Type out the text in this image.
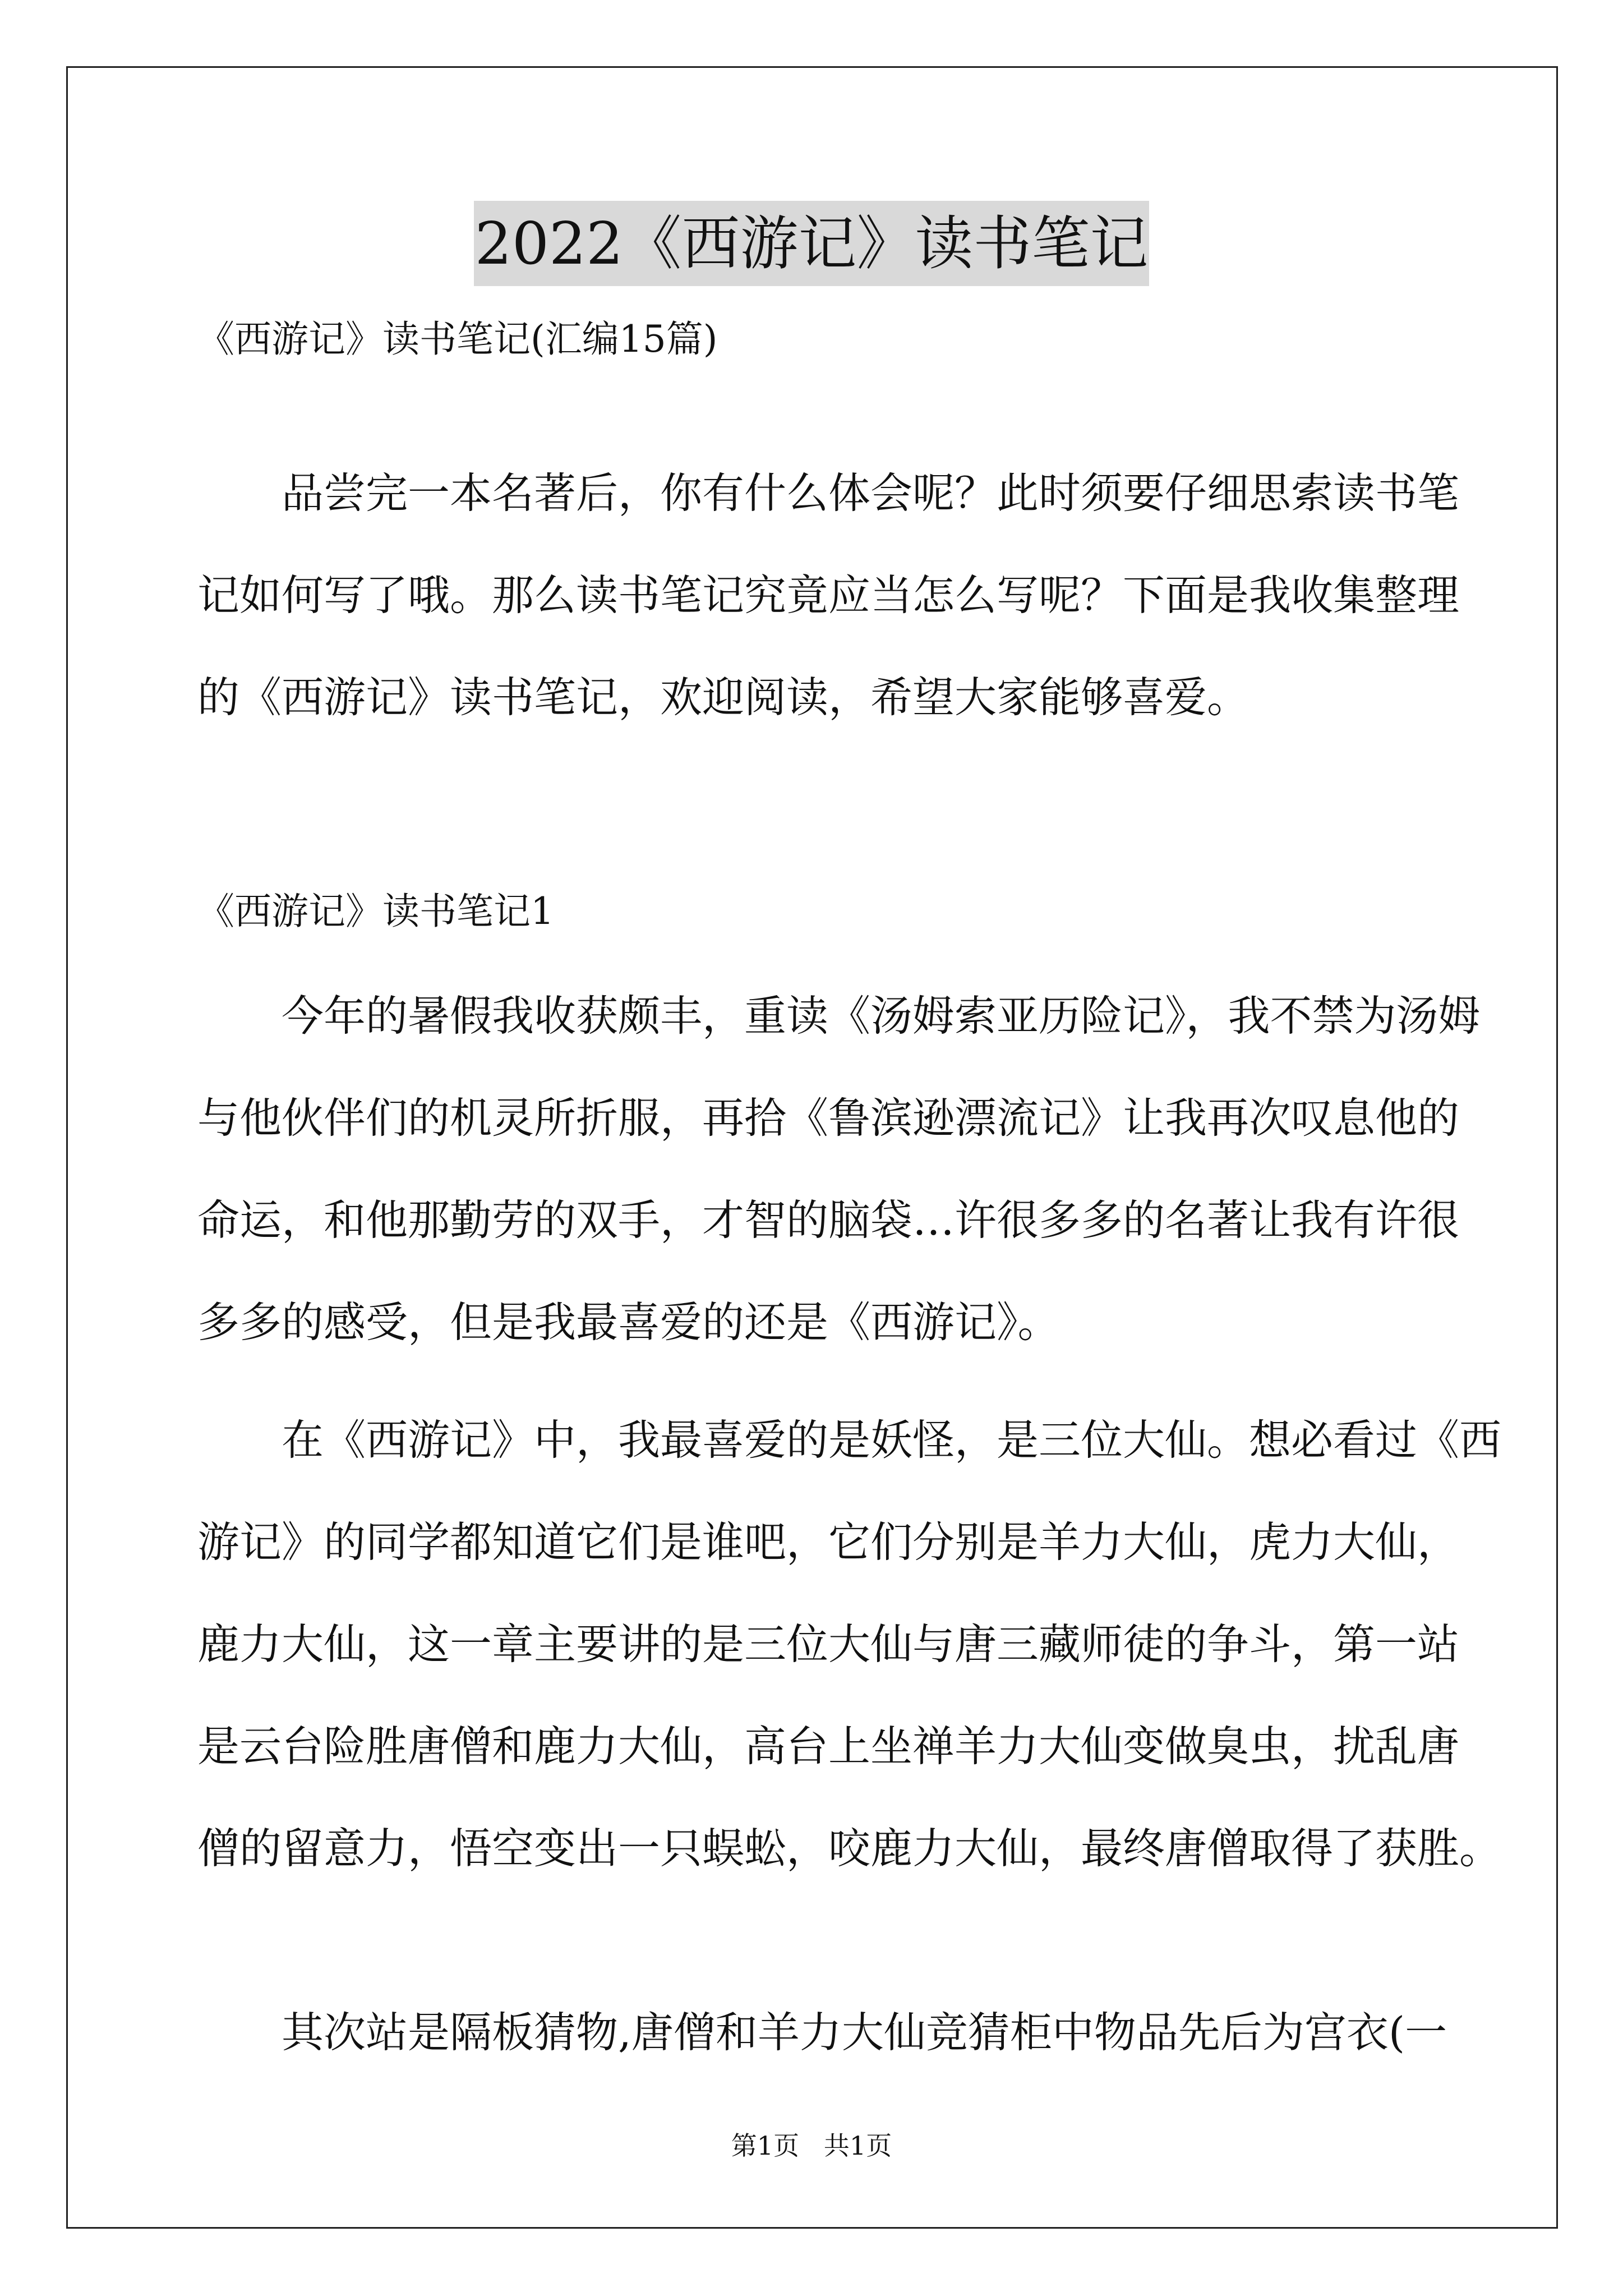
2022《西游记》读书笔记

《西游记》读书笔记(汇编15篇)

品尝完一本名著后，你有什么体会呢？此时须要仔细思索读书笔
记如何写了哦。那么读书笔记究竟应当怎么写呢？下面是我收集整理
的《西游记》读书笔记，欢迎阅读，希望大家能够喜爱。

《西游记》读书笔记1

今年的暑假我收获颇丰，重读《汤姆索亚历险记》，我不禁为汤姆
与他伙伴们的机灵所折服，再拾《鲁滨逊漂流记》让我再次叹息他的
命运，和他那勤劳的双手，才智的脑袋…许很多多的名著让我有许很
多多的感受，但是我最喜爱的还是《西游记》。
在《西游记》中，我最喜爱的是妖怪，是三位大仙。想必看过《西
游记》的同学都知道它们是谁吧，它们分别是羊力大仙，虎力大仙，
鹿力大仙，这一章主要讲的是三位大仙与唐三藏师徒的争斗，第一站
是云台险胜唐僧和鹿力大仙，高台上坐禅羊力大仙变做臭虫，扰乱唐
僧的留意力，悟空变出一只蜈蚣，咬鹿力大仙，最终唐僧取得了获胜。
其次站是隔板猜物,唐僧和羊力大仙竞猜柜中物品先后为宫衣(一
第1页   共1页
